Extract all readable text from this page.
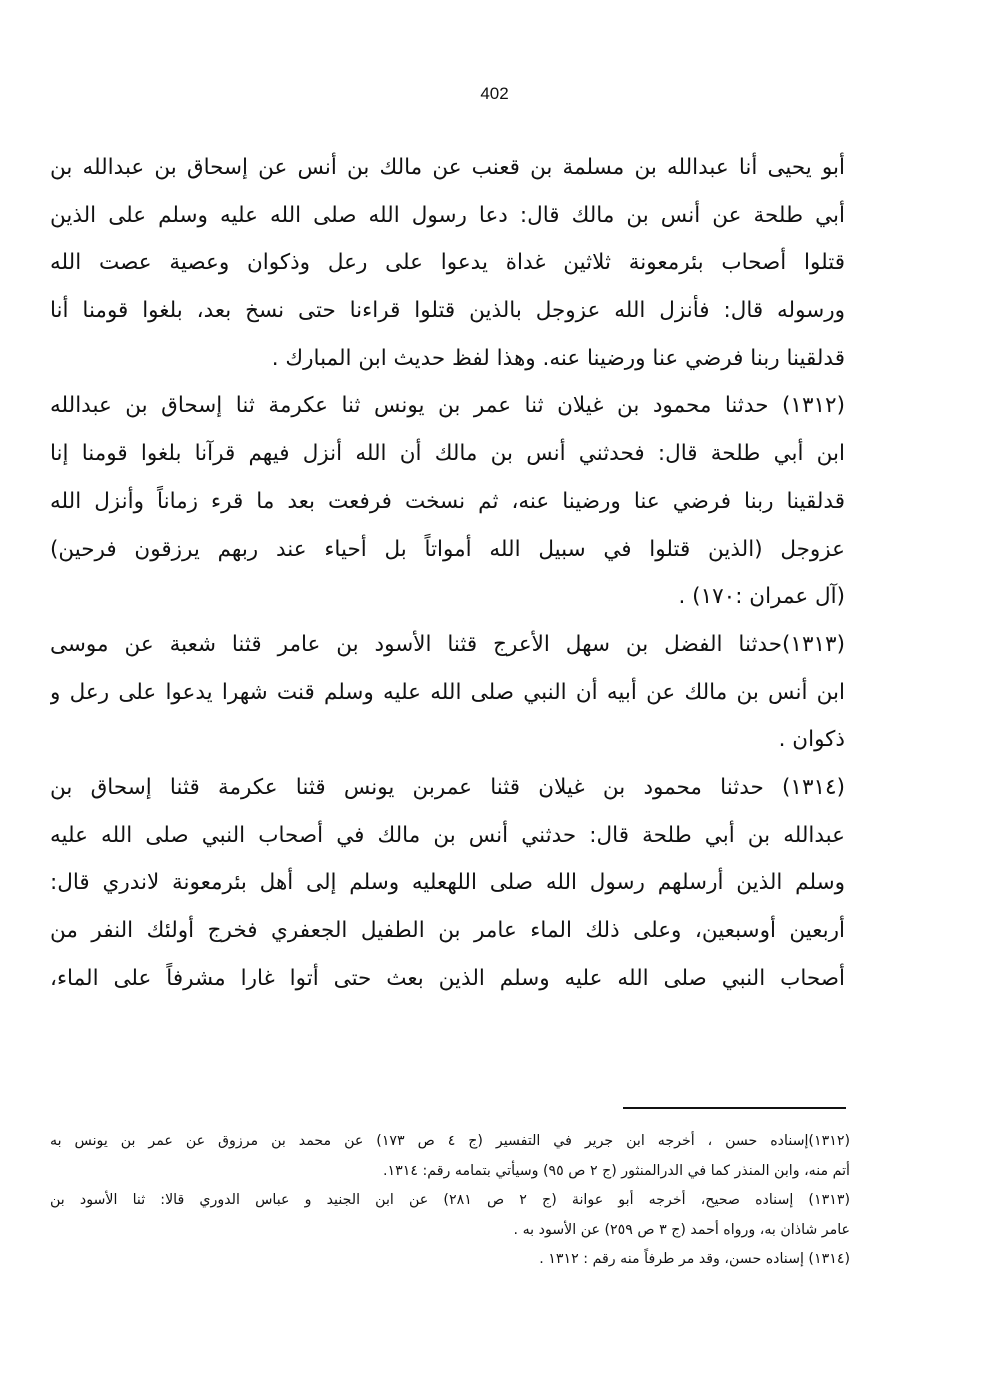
402

أبو يحيى أنا عبدالله بن مسلمة بن قعنب عن مالك بن أنس عن إسحاق بن عبدالله بن
أبي طلحة عن أنس بن مالك قال: دعا رسول الله صلى الله عليه وسلم على الذين
قتلوا أصحاب بئرمعونة ثلاثين غداة يدعوا على رعل وذكوان وعصية عصت الله
ورسوله قال: فأنزل الله عزوجل بالذين قتلوا قراءنا حتى نسخ بعد، بلغوا قومنا أنا
قدلقينا ربنا فرضي عنا ورضينا عنه. وهذا لفظ حديث ابن المبارك .

(١٣١٢) حدثنا محمود بن غيلان ثنا عمر بن يونس ثنا عكرمة ثنا إسحاق بن عبدالله
ابن أبي طلحة قال: فحدثني أنس بن مالك أن الله أنزل فيهم قرآنا بلغوا قومنا إنا
قدلقينا ربنا فرضي عنا ورضينا عنه، ثم نسخت فرفعت بعد ما قرء زماناً وأنزل الله
عزوجل (الذين قتلوا في سبيل الله أمواتاً بل أحياء عند ربهم يرزقون فرحين)
(آل عمران :١٧٠) .

(١٣١٣)حدثنا الفضل بن سهل الأعرج قثنا الأسود بن عامر قثنا شعبة عن موسى
ابن أنس بن مالك عن أبيه أن النبي صلى الله عليه وسلم قنت شهرا يدعوا على رعل و
ذكوان .

(١٣١٤) حدثنا محمود بن غيلان قثنا عمربن يونس قثنا عكرمة قثنا إسحاق بن
عبدالله بن أبي طلحة قال: حدثني أنس بن مالك في أصحاب النبي صلى الله عليه
وسلم الذين أرسلهم رسول الله صلى اللهعليه وسلم إلى أهل بئرمعونة لاندري قال:
أربعين أوسبعين، وعلى ذلك الماء عامر بن الطفيل الجعفري فخرج أولئك النفر من
أصحاب النبي صلى الله عليه وسلم الذين بعث حتى أتوا غارا مشرفاً على الماء،

(١٣١٢)إسناده حسن ، أخرجه ابن جرير في التفسير (ج ٤ ص ١٧٣) عن محمد بن مرزوق عن عمر بن يونس به
أتم منه، وابن المنذر كما في الدرالمنثور (ج ٢ ص ٩٥) وسيأتي بتمامه رقم: ١٣١٤.
(١٣١٣) إسناده صحيح، أخرجه أبو عوانة (ج ٢ ص ٢٨١) عن ابن الجنيد و عباس الدوري قالا: ثنا الأسود بن
عامر شاذان به، ورواه أحمد (ج ٣ ص ٢٥٩) عن الأسود به .
(١٣١٤) إسناده حسن، وقد مر طرفاً منه رقم : ١٣١٢ .
